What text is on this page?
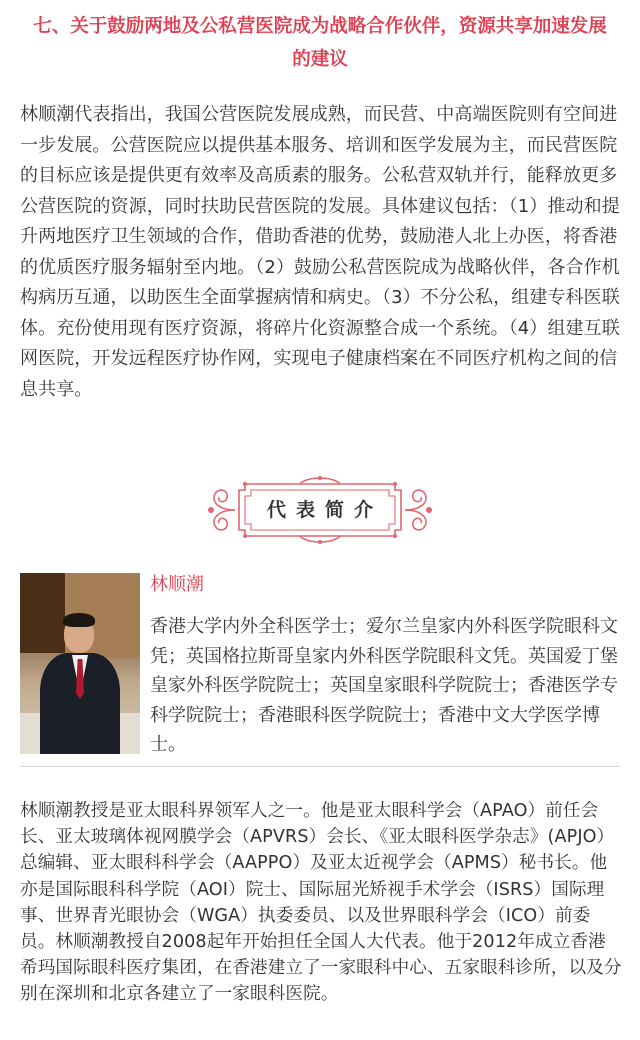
七、关于鼓励两地及公私营医院成为战略合作伙伴，资源共享加速发展的建议

林顺潮代表指出，我国公营医院发展成熟，而民营、中高端医院则有空间进一步发展。公营医院应以提供基本服务、培训和医学发展为主，而民营医院的目标应该是提供更有效率及高质素的服务。公私营双轨并行，能释放更多公营医院的资源，同时扶助民营医院的发展。具体建议包括：（1）推动和提升两地医疗卫生领域的合作，借助香港的优势，鼓励港人北上办医，将香港的优质医疗服务辐射至内地。（2）鼓励公私营医院成为战略伙伴，各合作机构病历互通，以助医生全面掌握病情和病史。（3）不分公私，组建专科医联体。充份使用现有医疗资源，将碎片化资源整合成一个系统。（4）组建互联网医院，开发远程医疗协作网，实现电子健康档案在不同医疗机构之间的信息共享。

代表简介

林顺潮

香港大学内外全科医学士；爱尔兰皇家内外科医学院眼科文凭；英国格拉斯哥皇家内外科医学院眼科文凭。英国爱丁堡皇家外科医学院院士；英国皇家眼科学院院士；香港医学专科学院院士；香港眼科医学院院士；香港中文大学医学博士。

林顺潮教授是亚太眼科界领军人之一。他是亚太眼科学会（APAO）前任会长、亚太玻璃体视网膜学会（APVRS）会长、《亚太眼科医学杂志》(APJO）总编辑、亚太眼科科学会（AAPPO）及亚太近视学会（APMS）秘书长。他亦是国际眼科科学院（AOI）院士、国际屈光矫视手术学会（ISRS）国际理事、世界青光眼协会（WGA）执委委员、以及世界眼科学会（ICO）前委员。林顺潮教授自2008起年开始担任全国人大代表。他于2012年成立香港希玛国际眼科医疗集团，在香港建立了一家眼科中心、五家眼科诊所，以及分别在深圳和北京各建立了一家眼科医院。
